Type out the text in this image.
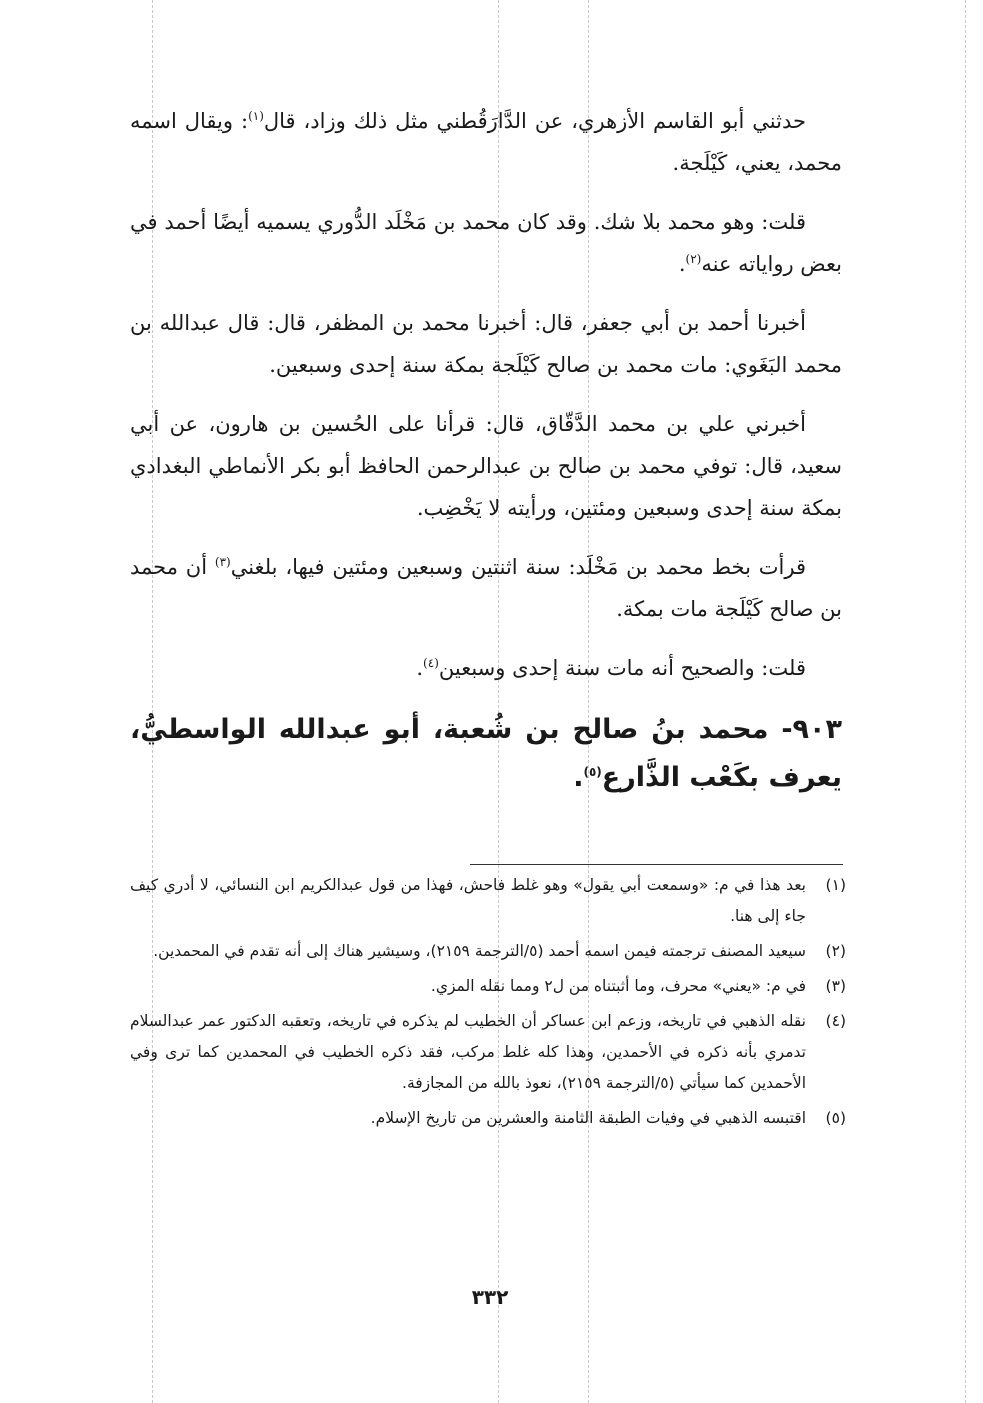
حدثني أبو القاسم الأزهري، عن الدَّارَقُطني مثل ذلك وزاد، قال$^{(١)}$: ويقال اسمه محمد، يعني، كَيْلَجة.

قلت: وهو محمد بلا شك. وقد كان محمد بن مَخْلَد الدُّوري يسميه أيضًا أحمد في بعض رواياته عنه$^{(٢)}$.

أخبرنا أحمد بن أبي جعفر، قال: أخبرنا محمد بن المظفر، قال: قال عبدالله بن محمد البَغَوي: مات محمد بن صالح كَيْلَجة بمكة سنة إحدى وسبعين.

أخبرني علي بن محمد الدَّقّاق، قال: قرأنا على الحُسين بن هارون، عن أبي سعيد، قال: توفي محمد بن صالح بن عبدالرحمن الحافظ أبو بكر الأنماطي البغدادي بمكة سنة إحدى وسبعين ومئتين، ورأيته لا يَخْضِب.

قرأت بخط محمد بن مَخْلَد: سنة اثنتين وسبعين ومئتين فيها، بلغني$^{(٣)}$ أن محمد بن صالح كَيْلَجة مات بمكة.

قلت: والصحيح أنه مات سنة إحدى وسبعين$^{(٤)}$.

٩٠٣- محمد بنُ صالح بن شُعبة، أبو عبدالله الواسطيُّ، يعرف بكَعْب الذَّارع$^{(٥)}$.

(١)
بعد هذا في م: «وسمعت أبي يقول» وهو غلط فاحش، فهذا من قول عبدالكريم ابن النسائي، لا أدري كيف جاء إلى هنا.
(٢)
سيعيد المصنف ترجمته فيمن اسمه أحمد (٥/الترجمة ٢١٥٩)، وسيشير هناك إلى أنه تقدم في المحمدين.
(٣)
في م: «يعني» محرف، وما أثبتناه من ل٢ ومما نقله المزي.
(٤)
نقله الذهبي في تاريخه، وزعم ابن عساكر أن الخطيب لم يذكره في تاريخه، وتعقبه الدكتور عمر عبدالسلام تدمري بأنه ذكره في الأحمدين، وهذا كله غلط مركب، فقد ذكره الخطيب في المحمدين كما ترى وفي الأحمدين كما سيأتي (٥/الترجمة ٢١٥٩)، نعوذ بالله من المجازفة.
(٥)
اقتبسه الذهبي في وفيات الطبقة الثامنة والعشرين من تاريخ الإسلام.
٣٣٢
